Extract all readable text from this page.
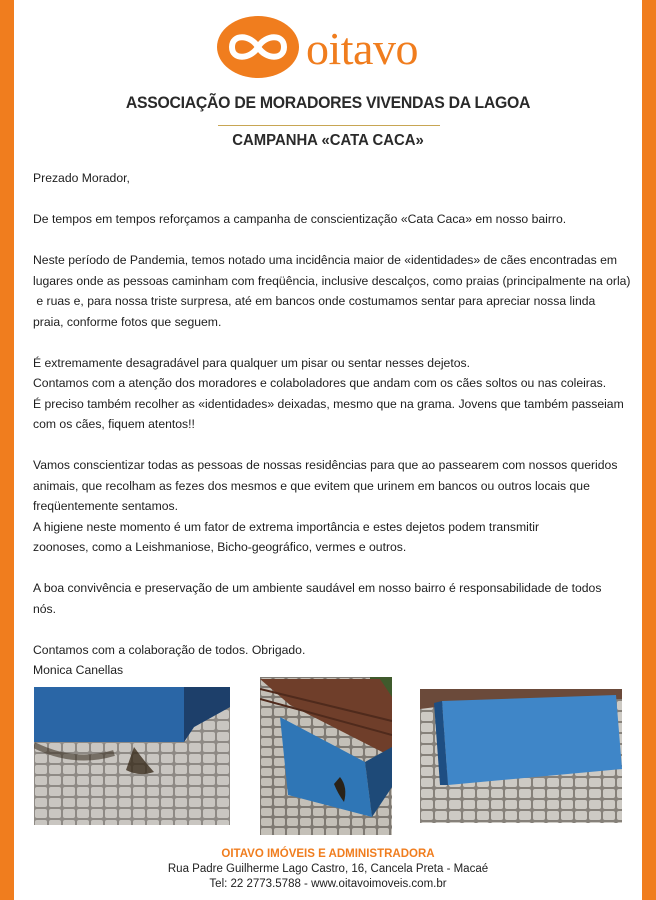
oitavo
ASSOCIAÇÃO DE MORADORES VIVENDAS DA LAGOA
CAMPANHA «CATA CACA»

Prezado Morador,

De tempos em tempos reforçamos a campanha de conscientização «Cata Caca» em nosso bairro.

Neste período de Pandemia, temos notado uma incidência maior de «identidades» de cães encontradas em

lugares onde as pessoas caminham com freqüência, inclusive descalços, como praias (principalmente na orla)

e ruas e, para nossa triste surpresa, até em bancos onde costumamos sentar para apreciar nossa linda

praia, conforme fotos que seguem.

É extremamente desagradável para qualquer um pisar ou sentar nesses dejetos.

Contamos com a atenção dos moradores e colaboladores que andam com os cães soltos ou nas coleiras.

É preciso também recolher as «identidades» deixadas, mesmo que na grama. Jovens que também passeiam

com os cães, fiquem atentos!!

Vamos conscientizar todas as pessoas de nossas residências para que ao passearem com nossos queridos

animais, que recolham as fezes dos mesmos e que evitem que urinem em bancos ou outros locais que

freqüentemente sentamos.

A higiene neste momento é um fator de extrema importância e estes dejetos podem transmitir

zoonoses, como a Leishmaniose, Bicho-geográfico, vermes e outros.

A boa convivência e preservação de um ambiente saudável em nosso bairro é responsabilidade de todos

nós.

Contamos com a colaboração de todos. Obrigado.

Monica Canellas

OITAVO IMÓVEIS E ADMINISTRADORA
Rua Padre Guilherme Lago Castro, 16, Cancela Preta - Macaé
Tel: 22 2773.5788 - www.oitavoimoveis.com.br
